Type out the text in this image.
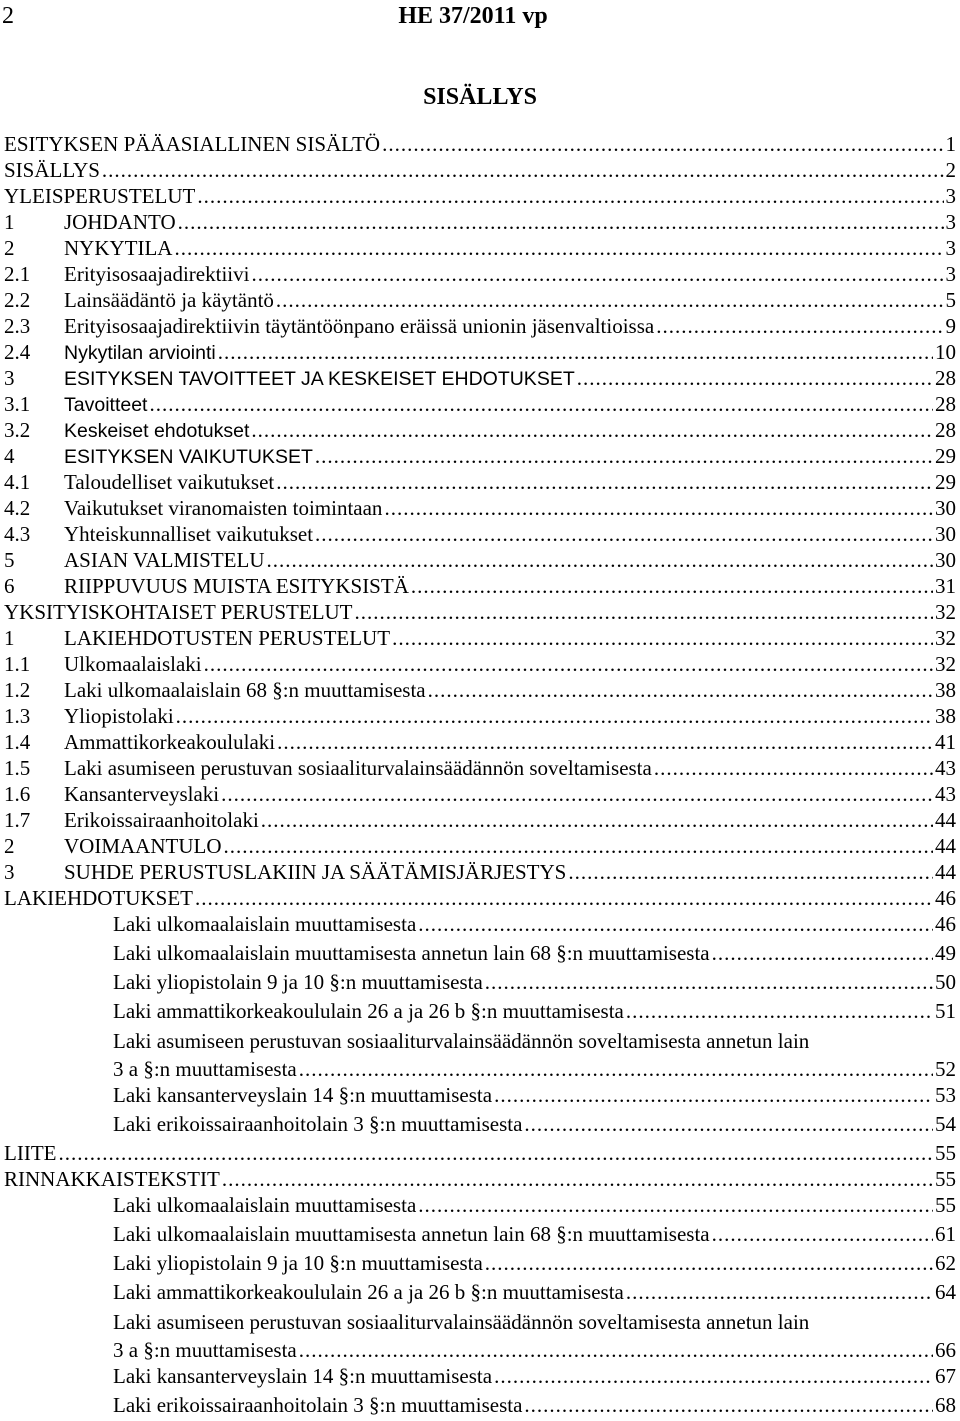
2	HE 37/2011 vp
SISÄLLYS
ESITYKSEN PÄÄASIALLINEN SISÄLTÖ .....	1
SISÄLLYS .....	2
YLEISPERUSTELUT .....	3
1	JOHDANTO .....	3
2	NYKYTILA .....	3
2.1	Erityisosaajadirektiivi .....	3
2.2	Lainsäädäntö ja käytäntö .....	5
2.3	Erityisosaajadirektiivin täytäntöönpano eräissä unionin jäsenvaltioissa .....	9
2.4	Nykytilan arviointi .....	10
3	ESITYKSEN TAVOITTEET JA KESKEISET EHDOTUKSET .....	28
3.1	Tavoitteet .....	28
3.2	Keskeiset ehdotukset .....	28
4	ESITYKSEN VAIKUTUKSET .....	29
4.1	Taloudelliset vaikutukset .....	29
4.2	Vaikutukset viranomaisten toimintaan .....	30
4.3	Yhteiskunnalliset vaikutukset .....	30
5	ASIAN VALMISTELU .....	30
6	RIIPPUVUUS MUISTA ESITYKSISTÄ .....	31
YKSITYISKOHTAISET PERUSTELUT .....	32
1	LAKIEHDOTUSTEN PERUSTELUT .....	32
1.1	Ulkomaalaislaki .....	32
1.2	Laki ulkomaalaislain 68 §:n muuttamisesta .....	38
1.3	Yliopistolaki .....	38
1.4	Ammattikorkeakoululaki .....	41
1.5	Laki asumiseen perustuvan sosiaaliturvalainsäädännön soveltamisesta .....	43
1.6	Kansanterveyslaki .....	43
1.7	Erikoissairaanhoitolaki .....	44
2	VOIMAANTULO .....	44
3	SUHDE PERUSTUSLAKIIN JA SÄÄTÄMISJÄRJESTYS .....	44
LAKIEHDOTUKSET .....	46
Laki ulkomaalaislain muuttamisesta .....	46
Laki ulkomaalaislain muuttamisesta annetun lain 68 §:n muuttamisesta .....	49
Laki yliopistolain 9 ja 10 §:n muuttamisesta .....	50
Laki ammattikorkeakoululain 26 a ja 26 b §:n muuttamisesta .....	51
Laki asumiseen perustuvan sosiaaliturvalainsäädännön soveltamisesta annetun lain
3 a §:n muuttamisesta .....	52
Laki kansanterveyslain 14 §:n muuttamisesta .....	53
Laki erikoissairaanhoitolain 3 §:n muuttamisesta .....	54
LIITE .....	55
RINNAKKAISTEKSTIT .....	55
Laki ulkomaalaislain muuttamisesta .....	55
Laki ulkomaalaislain muuttamisesta annetun lain 68 §:n muuttamisesta .....	61
Laki yliopistolain 9 ja 10 §:n muuttamisesta .....	62
Laki ammattikorkeakoululain 26 a ja 26 b §:n muuttamisesta .....	64
Laki asumiseen perustuvan sosiaaliturvalainsäädännön soveltamisesta annetun lain
3 a §:n muuttamisesta .....	66
Laki kansanterveyslain 14 §:n muuttamisesta .....	67
Laki erikoissairaanhoitolain 3 §:n muuttamisesta .....	68
